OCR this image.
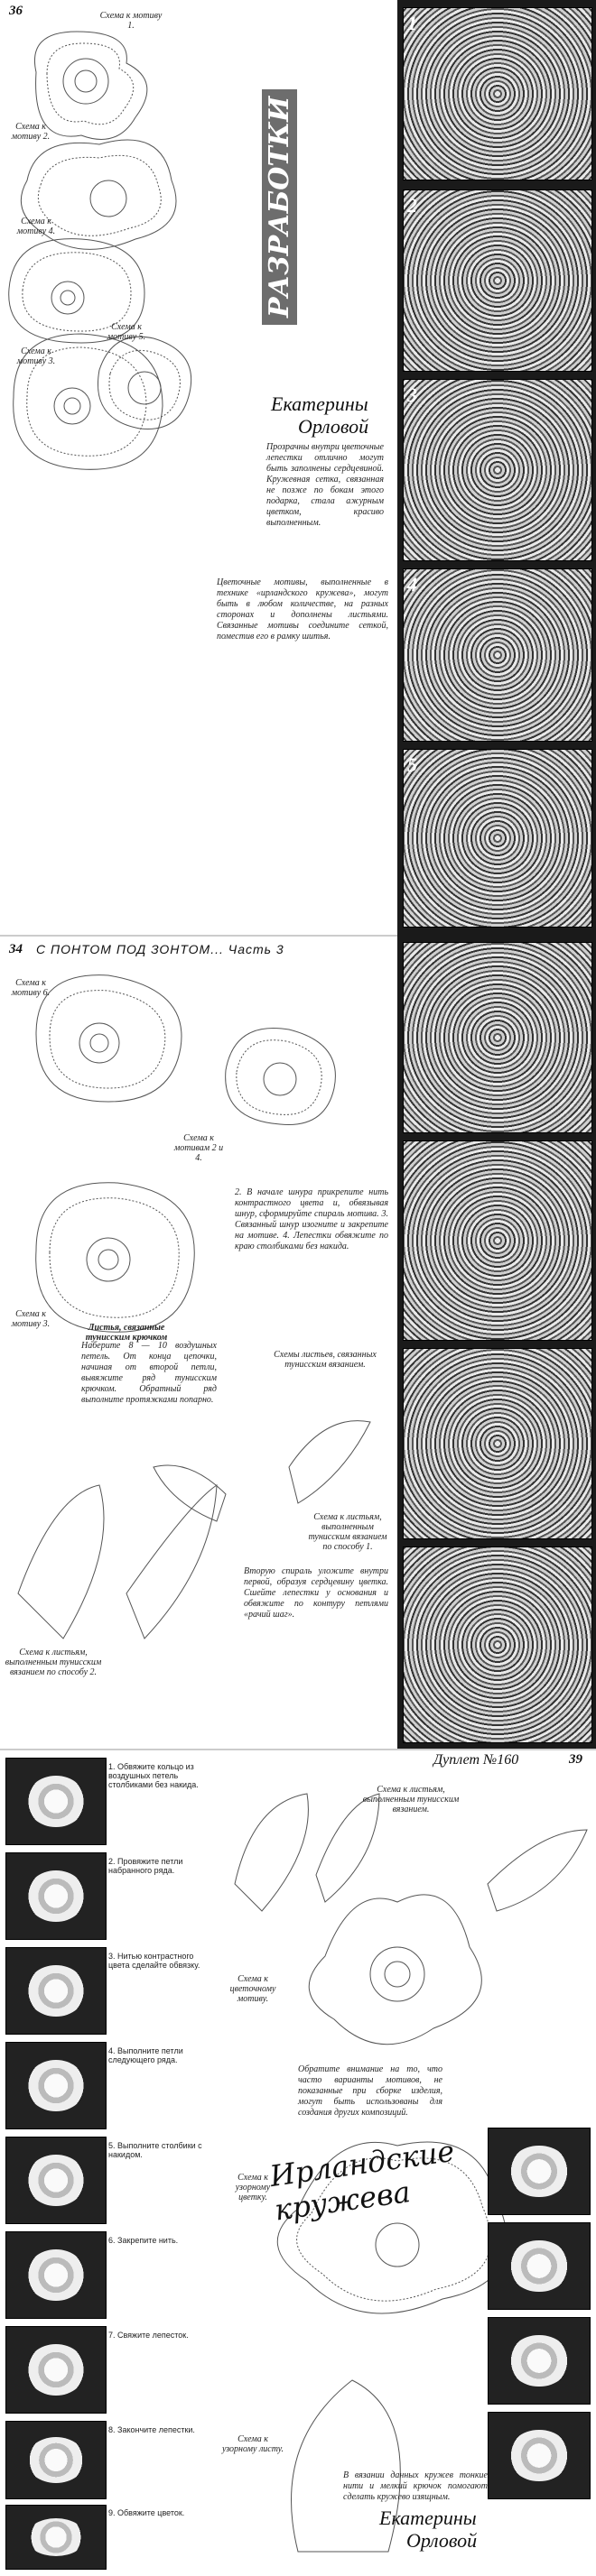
36	Схема к мотиву 1.
Схема к мотиву 2.
Схема к мотиву 4.
Схема к мотиву 5.
Схема к мотиву 3.
РАЗРАБОТКИ
Екатерины
Орловой
Прозрачны внутри цветочные лепестки отлично могут быть заполнены сердцевиной. Кружевная сетка, связанная не позже по бокам этого подарка, стала ажурным цветком, красиво выполненным.
Цветочные мотивы, выполненные в технике «ирландского кружева», могут быть в любом количестве, на разных сторонах и дополнены листьями. Связанные мотивы соедините сеткой, поместив его в рамку шитья.
1
2
3
4
5
34 С ПОНТОМ ПОД ЗОНТОМ... Часть 3
Схема к мотиву 6.
Схема к мотивам 2 и 4.
Схема к мотиву 3.	Листья, связанные тунисским крючком
Схемы листьев, связанных тунисским вязанием.
Схема к листьям, выполненным тунисским вязанием по способу 1.
Схема к листьям, выполненным тунисским вязанием по способу 2.
Наберите 8 — 10 воздушных петель. От конца цепочки, начиная от второй петли, вывяжите ряд тунисским крючком. Обратный ряд выполните протяжками попарно.
2. В начале шнура прикрепите нить контрастного цвета и, обвязывая шнур, сформируйте спираль мотива. 3. Связанный шнур изогните и закрепите на мотиве. 4. Лепестки обвяжите по краю столбиками без накида.
Вторую спираль уложите внутри первой, образуя сердцевину цветка. Сшейте лепестки у основания и обвяжите по контуру петлями «рачий шаг».
Дуплет №160	39
1. Обвяжите кольцо из воздушных петель столбиками без накида.
2. Провяжите петли набранного ряда.
3. Нитью контрастного цвета сделайте обвязку.
4. Выполните петли следующего ряда.
5. Выполните столбики с накидом.
6. Закрепите нить.
7. Свяжите лепесток.
8. Закончите лепестки.
9. Обвяжите цветок.
Схема к листьям, выполненным тунисским вязанием.
Схема к цветочному мотиву.
Схема к узорному цветку.
Схема к узорному листу.
Обратите внимание на то, что часто варианты мотивов, не показанные при сборке изделия, могут быть использованы для создания других композиций.
Ирландские кружева
Екатерины
Орловой
В вязании данных кружев тонкие нити и мелкий крючок помогают сделать кружево изящным.
